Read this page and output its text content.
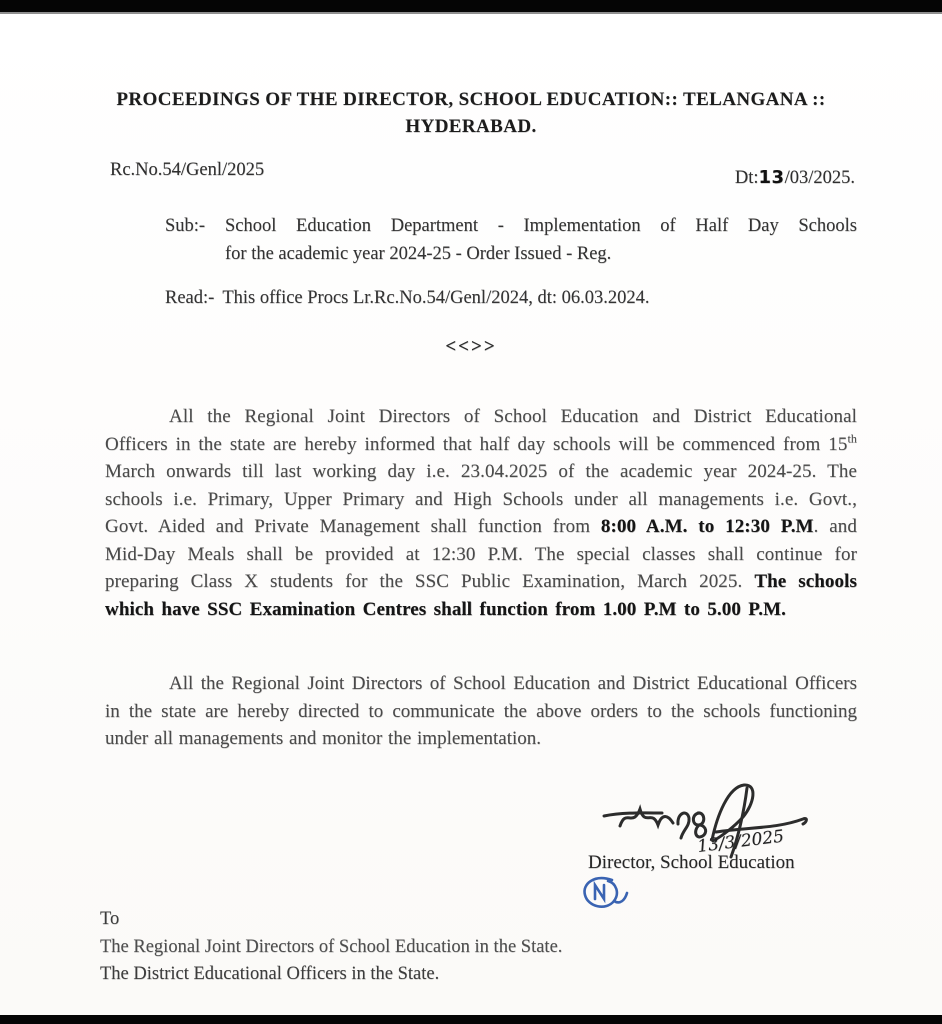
PROCEEDINGS OF THE DIRECTOR, SCHOOL EDUCATION:: TELANGANA ::
HYDERABAD.
Rc.No.54/Genl/2025	Dt:13/03/2025.
Sub:- School Education Department - Implementation of Half Day Schools
for the academic year 2024-25 - Order Issued - Reg.
Read:- This office Procs Lr.Rc.No.54/Genl/2024, dt: 06.03.2024.
<<>>

All the Regional Joint Directors of School Education and District Educational Officers in the state are hereby informed that half day schools will be commenced from 15th March onwards till last working day i.e. 23.04.2025 of the academic year 2024-25. The schools i.e. Primary, Upper Primary and High Schools under all managements i.e. Govt., Govt. Aided and Private Management shall function from 8:00 A.M. to 12:30 P.M. and Mid-Day Meals shall be provided at 12:30 P.M. The special classes shall continue for preparing Class X students for the SSC Public Examination, March 2025. The schools which have SSC Examination Centres shall function from 1.00 P.M to 5.00 P.M.

All the Regional Joint Directors of School Education and District Educational Officers in the state are hereby directed to communicate the above orders to the schools functioning under all managements and monitor the implementation.

13/3/2025
Director, School Education
To
The Regional Joint Directors of School Education in the State.
The District Educational Officers in the State.
